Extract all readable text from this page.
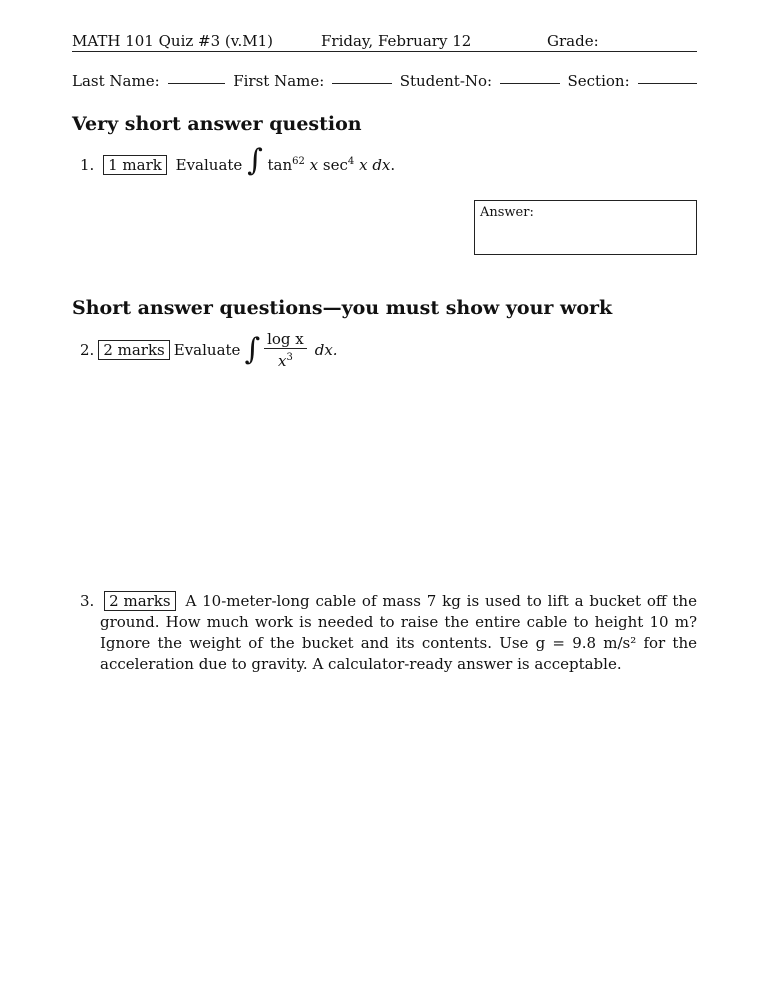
MATH 101 Quiz #3 (v.M1)	Friday, February 12	Grade:
Last Name:	First Name:	Student-No:	Section:
Very short answer question
1. 1 mark Evaluate ∫ $\tan^{62} x$ $\sec^4 x$ dx.
Answer:
Short answer questions—you must show your work
2. 2 marks Evaluate ∫ $\frac{\text{log x}}{x^3}$ dx.
3. 2 marks A 10-meter-long cable of mass 7 kg is used to lift a bucket off the ground. How much work is needed to raise the entire cable to height 10 m? Ignore the weight of the bucket and its contents. Use g = 9.8 m/s² for the acceleration due to gravity. A calculator-ready answer is acceptable.
